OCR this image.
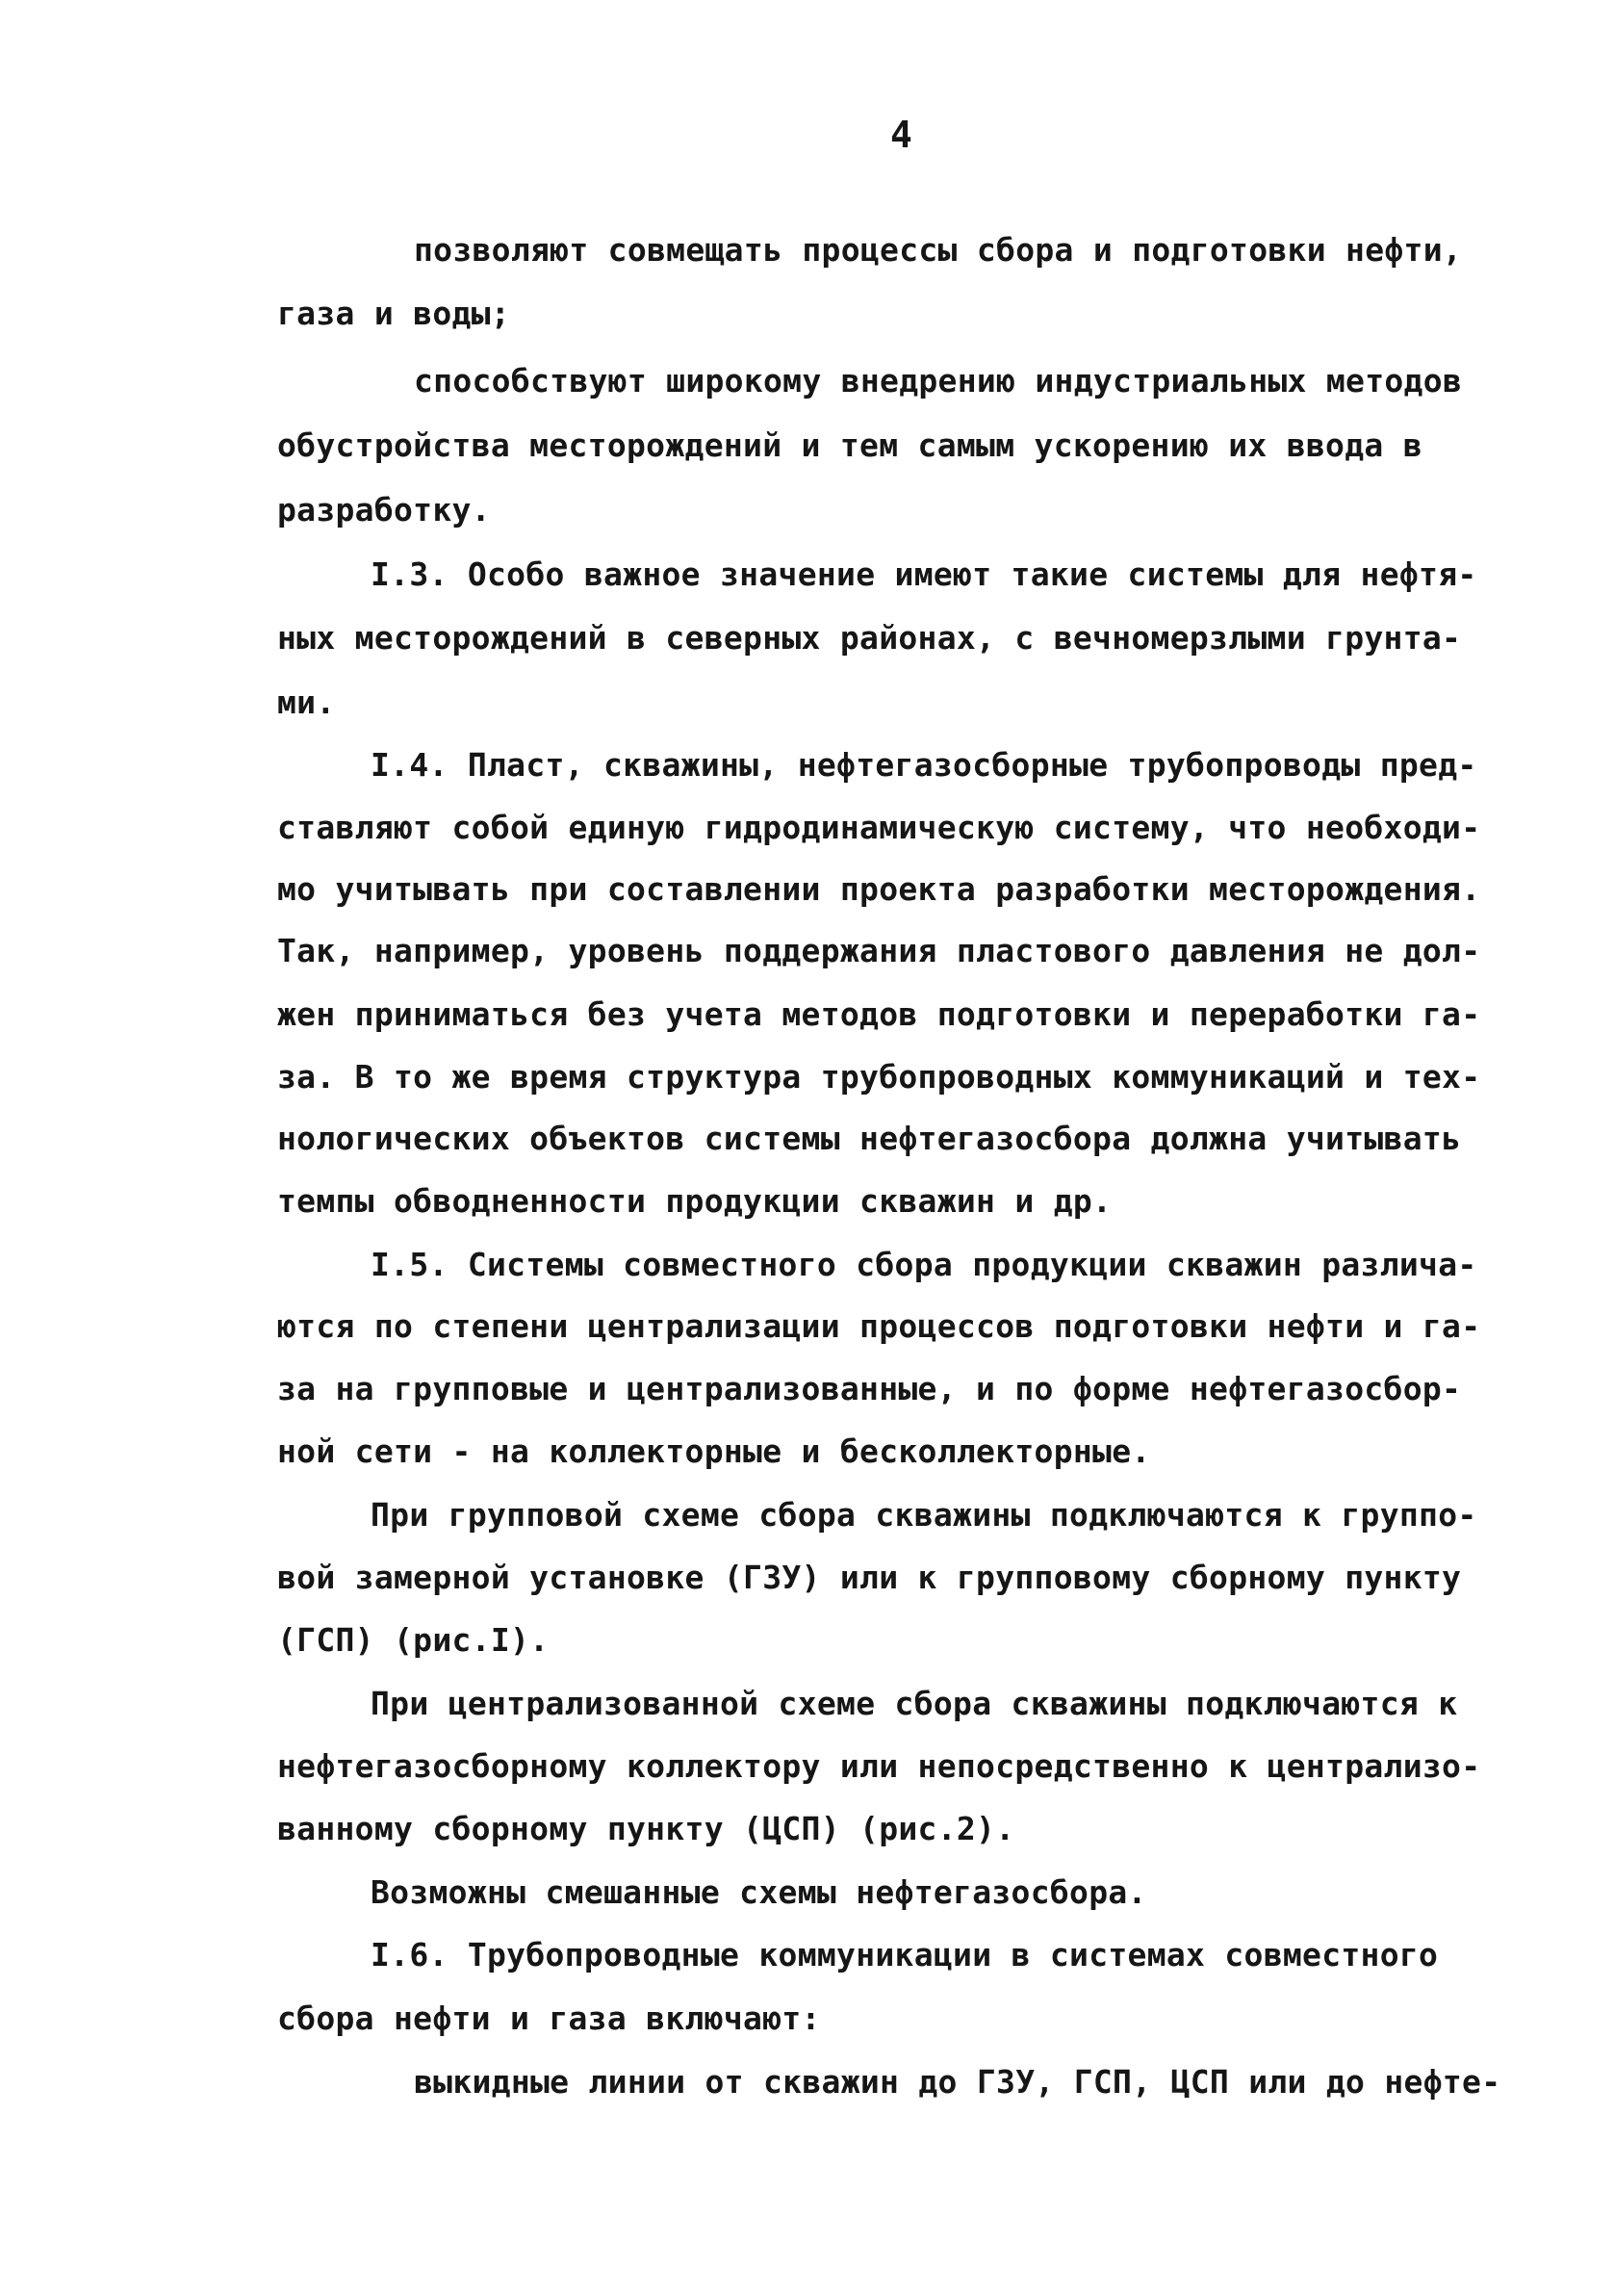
4
позволяют совмещать процессы сбора и подготовки нефти,
газа и воды;
способствуют широкому внедрению индустриальных методов
обустройства месторождений и тем самым ускорению их ввода в
разработку.
I.3. Особо важное значение имеют такие системы для нефтя-
ных месторождений в северных районах, с вечномерзлыми грунта-
ми.
I.4. Пласт, скважины, нефтегазосборные трубопроводы пред-
ставляют собой единую гидродинамическую систему, что необходи-
мо учитывать при составлении проекта разработки месторождения.
Так, например, уровень поддержания пластового давления не дол-
жен приниматься без учета методов подготовки и переработки га-
за. В то же время структура трубопроводных коммуникаций и тех-
нологических объектов системы нефтегазосбора должна учитывать
темпы обводненности продукции скважин и др.
I.5. Системы совместного сбора продукции скважин различа-
ются по степени централизации процессов подготовки нефти и га-
за на групповые и централизованные, и по форме нефтегазосбор-
ной сети - на коллекторные и бесколлекторные.
При групповой схеме сбора скважины подключаются к группо-
вой замерной установке (ГЗУ) или к групповому сборному пункту
(ГСП) (рис.I).
При централизованной схеме сбора скважины подключаются к
нефтегазосборному коллектору или непосредственно к централизо-
ванному сборному пункту (ЦСП) (рис.2).
Возможны смешанные схемы нефтегазосбора.
I.6. Трубопроводные коммуникации в системах совместного
сбора нефти и газа включают:
выкидные линии от скважин до ГЗУ, ГСП, ЦСП или до нефте-
